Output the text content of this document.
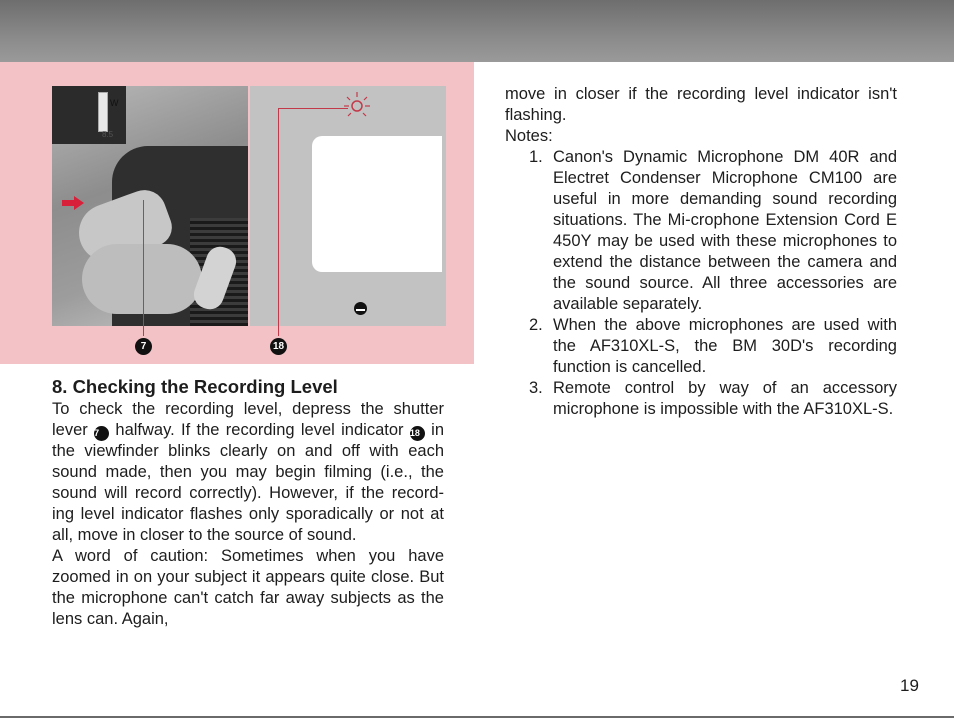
W
8.5
7	18
8. Checking the Recording Level

To check the recording level, depress the shutter lever 7 halfway. If the recording level indicator 18 in the viewfinder blinks clearly on and off with each sound made, then you may begin filming (i.e., the sound will record correctly). However, if the record-ing level indicator flashes only sporadically or not at all, move in closer to the source of sound.

A word of caution: Sometimes when you have zoomed in on your subject it appears quite close. But the microphone can't catch far away subjects as the lens can. Again,

move in closer if the recording level indicator isn't flashing.

Notes:

1. Canon's Dynamic Microphone DM 40R and Electret Condenser Microphone CM100 are useful in more demanding sound recording situations. The Mi-crophone Extension Cord E 450Y may be used with these microphones to extend the distance between the camera and the sound source. All three accessories are available separately.
2. When the above microphones are used with the AF310XL-S, the BM 30D's recording function is cancelled.
3. Remote control by way of an accessory microphone is impossible with the AF310XL-S.
19
